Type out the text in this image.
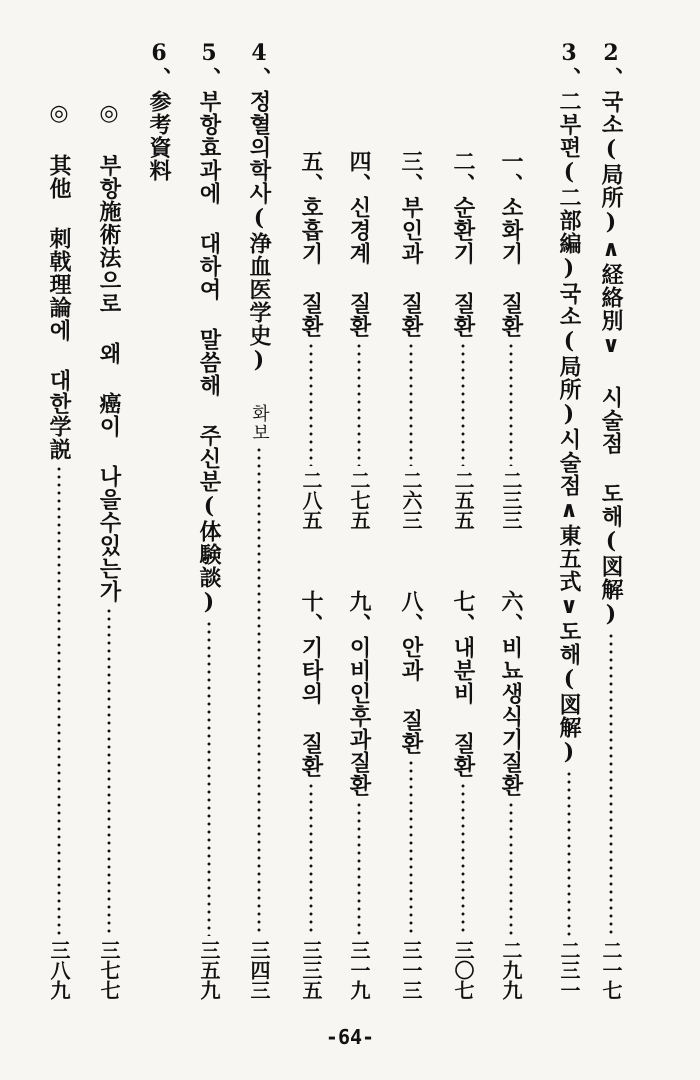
2、국소(局所)∧経絡別∨ 시술점 도해(図解)
二一七
3、二부편(二部編)국소(局所)시술점∧東五式∨도해(図解)
二三一
一、소화기 질환
二三三
六、비뇨생식기질환
二九九
二、순환기 질환
二五五
七、내분비 질환
三〇七
三、부인과 질환
二六三
八、안과 질환
三一三
四、신경계 질환
二七五
九、이비인후과질환
三一九
五、호흡기 질환
二八五
十、기타의 질환
三三五
4、정혈의학사(浄血医学史)
화보
三四三
5、부항효과에 대하여 말씀해 주신분(体験談)
三五九
6、参考資料
◎ 부항施術法으로 왜 癌이 나을수있는가
三七七
◎ 其他 刺戟理論에 대한学説
三八九
-64-
